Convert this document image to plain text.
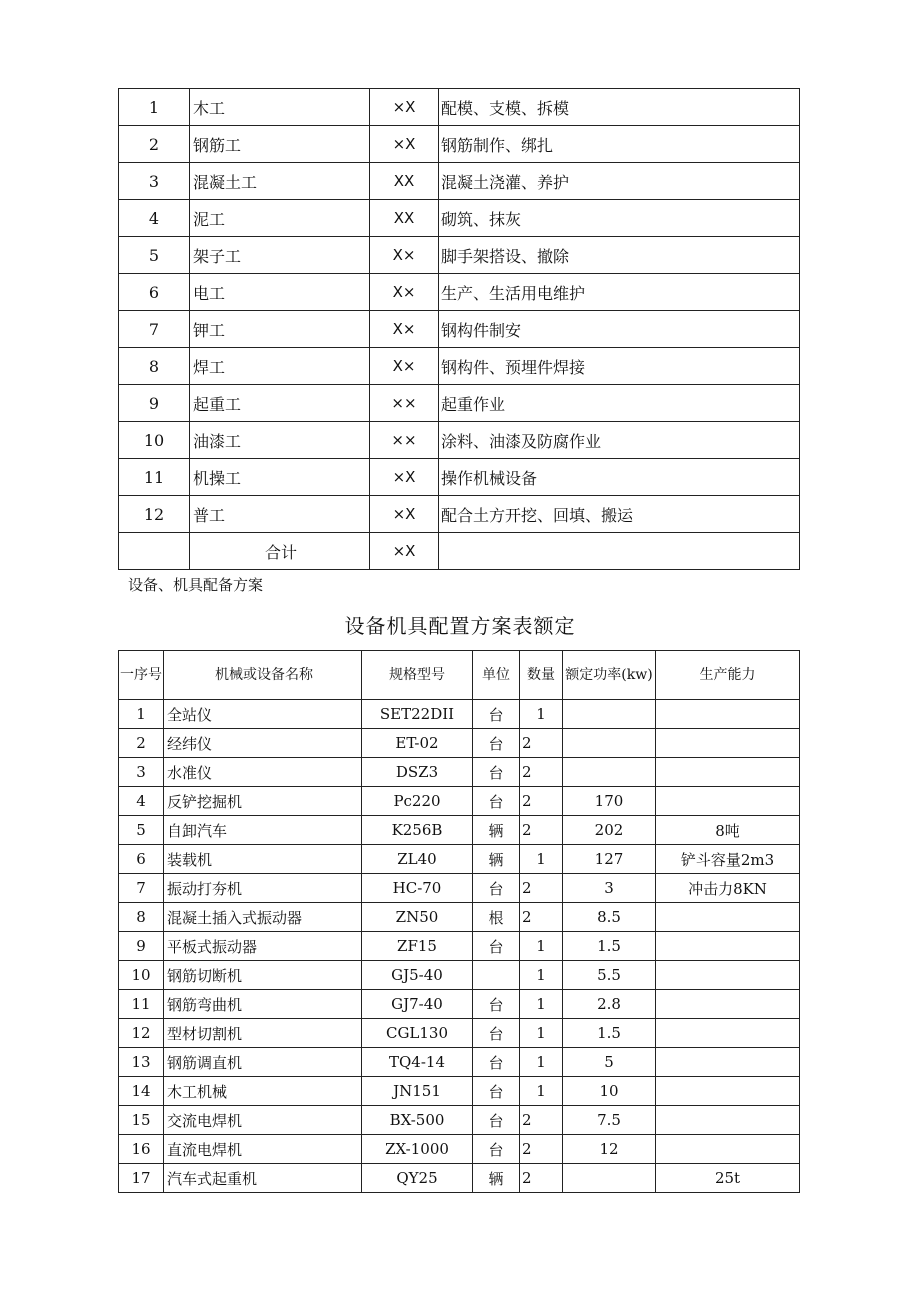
1	木工	×X	配模、支模、拆模
2	钢筋工	×X	钢筋制作、绑扎
3	混凝土工	XX	混凝土浇灌、养护
4	泥工	XX	砌筑、抹灰
5	架子工	X×	脚手架搭设、撤除
6	电工	X×	生产、生活用电维护
7	钾工	X×	钢构件制安
8	焊工	X×	钢构件、预埋件焊接
9	起重工	××	起重作业
10	油漆工	××	涂料、油漆及防腐作业
11	机操工	×X	操作机械设备
12	普工	×X	配合土方开挖、回填、搬运
	合计	×X	
设备、机具配备方案
设备机具配置方案表额定
一序号	机械或设备名称	规格型号	单位	数量	额定功率(kw)	生产能力
1	全站仪	SET22DII	台	1		
2	经纬仪	ET-02	台	2		
3	水准仪	DSZ3	台	2		
4	反铲挖掘机	Pc220	台	2	170	
5	自卸汽车	K256B	辆	2	202	8吨
6	装载机	ZL40	辆	1	127	铲斗容量2m3
7	振动打夯机	HC-70	台	2	3	冲击力8KN
8	混凝土插入式振动器	ZN50	根	2	8.5	
9	平板式振动器	ZF15	台	1	1.5	
10	钢筋切断机	GJ5-40		1	5.5	
11	钢筋弯曲机	GJ7-40	台	1	2.8	
12	型材切割机	CGL130	台	1	1.5	
13	钢筋调直机	TQ4-14	台	1	5	
14	木工机械	JN151	台	1	10	
15	交流电焊机	BX-500	台	2	7.5	
16	直流电焊机	ZX-1000	台	2	12	
17	汽车式起重机	QY25	辆	2		25t
